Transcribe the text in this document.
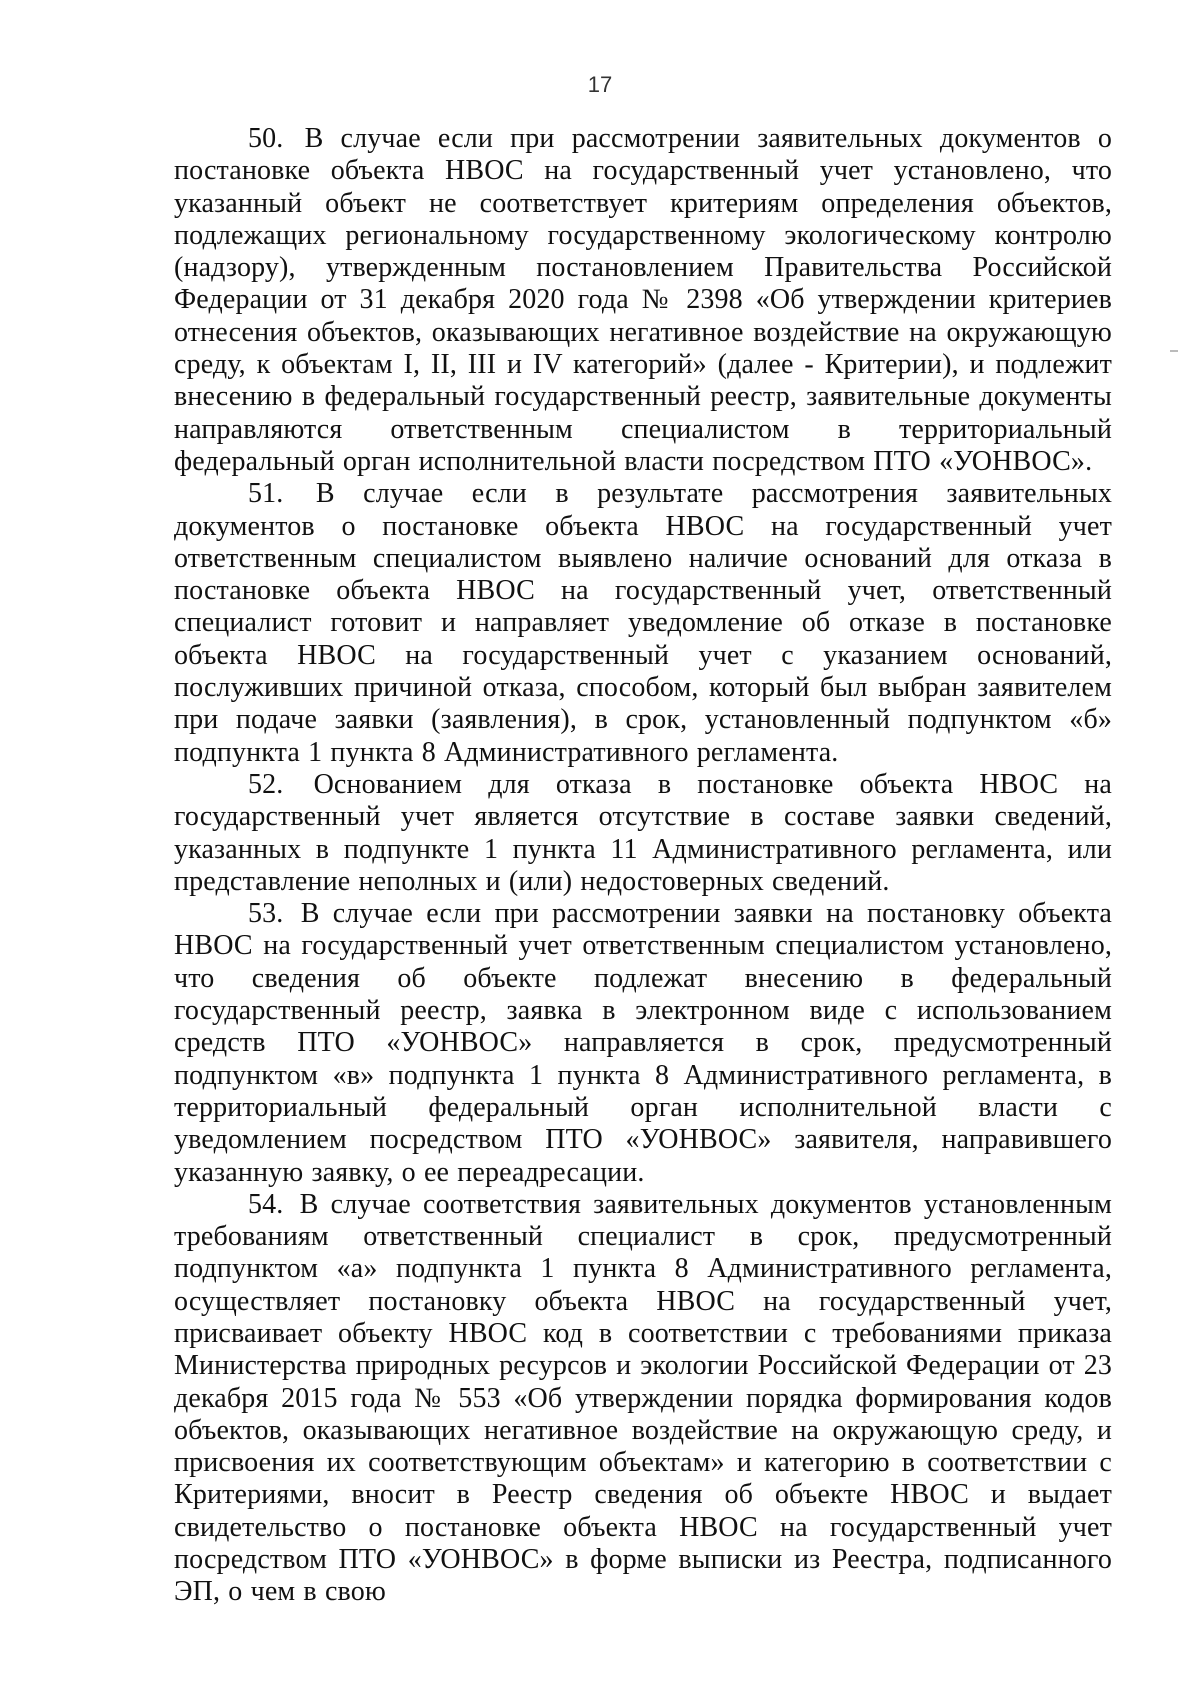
17

50. В случае если при рассмотрении заявительных документов о постановке объекта НВОС на государственный учет установлено, что указанный объект не соответствует критериям определения объектов, подлежащих региональному государственному экологическому контролю (надзору), утвержденным постановлением Правительства Российской Федерации от 31 декабря 2020 года № 2398 «Об утверждении критериев отнесения объектов, оказывающих негативное воздействие на окружающую среду, к объектам I, II, III и IV категорий» (далее - Критерии), и подлежит внесению в федеральный государственный реестр, заявительные документы направляются ответственным специалистом в территориальный федеральный орган исполнительной власти посредством ПТО «УОНВОС».

51. В случае если в результате рассмотрения заявительных документов о постановке объекта НВОС на государственный учет ответственным специалистом выявлено наличие оснований для отказа в постановке объекта НВОС на государственный учет, ответственный специалист готовит и направляет уведомление об отказе в постановке объекта НВОС на государственный учет с указанием оснований, послуживших причиной отказа, способом, который был выбран заявителем при подаче заявки (заявления), в срок, установленный подпунктом «б» подпункта 1 пункта 8 Административного регламента.

52. Основанием для отказа в постановке объекта НВОС на государственный учет является отсутствие в составе заявки сведений, указанных в подпункте 1 пункта 11 Административного регламента, или представление неполных и (или) недостоверных сведений.

53. В случае если при рассмотрении заявки на постановку объекта НВОС на государственный учет ответственным специалистом установлено, что сведения об объекте подлежат внесению в федеральный государственный реестр, заявка в электронном виде с использованием средств ПТО «УОНВОС» направляется в срок, предусмотренный подпунктом «в» подпункта 1 пункта 8 Административного регламента, в территориальный федеральный орган исполнительной власти с уведомлением посредством ПТО «УОНВОС» заявителя, направившего указанную заявку, о ее переадресации.

54. В случае соответствия заявительных документов установленным требованиям ответственный специалист в срок, предусмотренный подпунктом «а» подпункта 1 пункта 8 Административного регламента, осуществляет постановку объекта НВОС на государственный учет, присваивает объекту НВОС код в соответствии с требованиями приказа Министерства природных ресурсов и экологии Российской Федерации от 23 декабря 2015 года № 553 «Об утверждении порядка формирования кодов объектов, оказывающих негативное воздействие на окружающую среду, и присвоения их соответствующим объектам» и категорию в соответствии с Критериями, вносит в Реестр сведения об объекте НВОС и выдает свидетельство о постановке объекта НВОС на государственный учет посредством ПТО «УОНВОС» в форме выписки из Реестра, подписанного ЭП, о чем в свою
